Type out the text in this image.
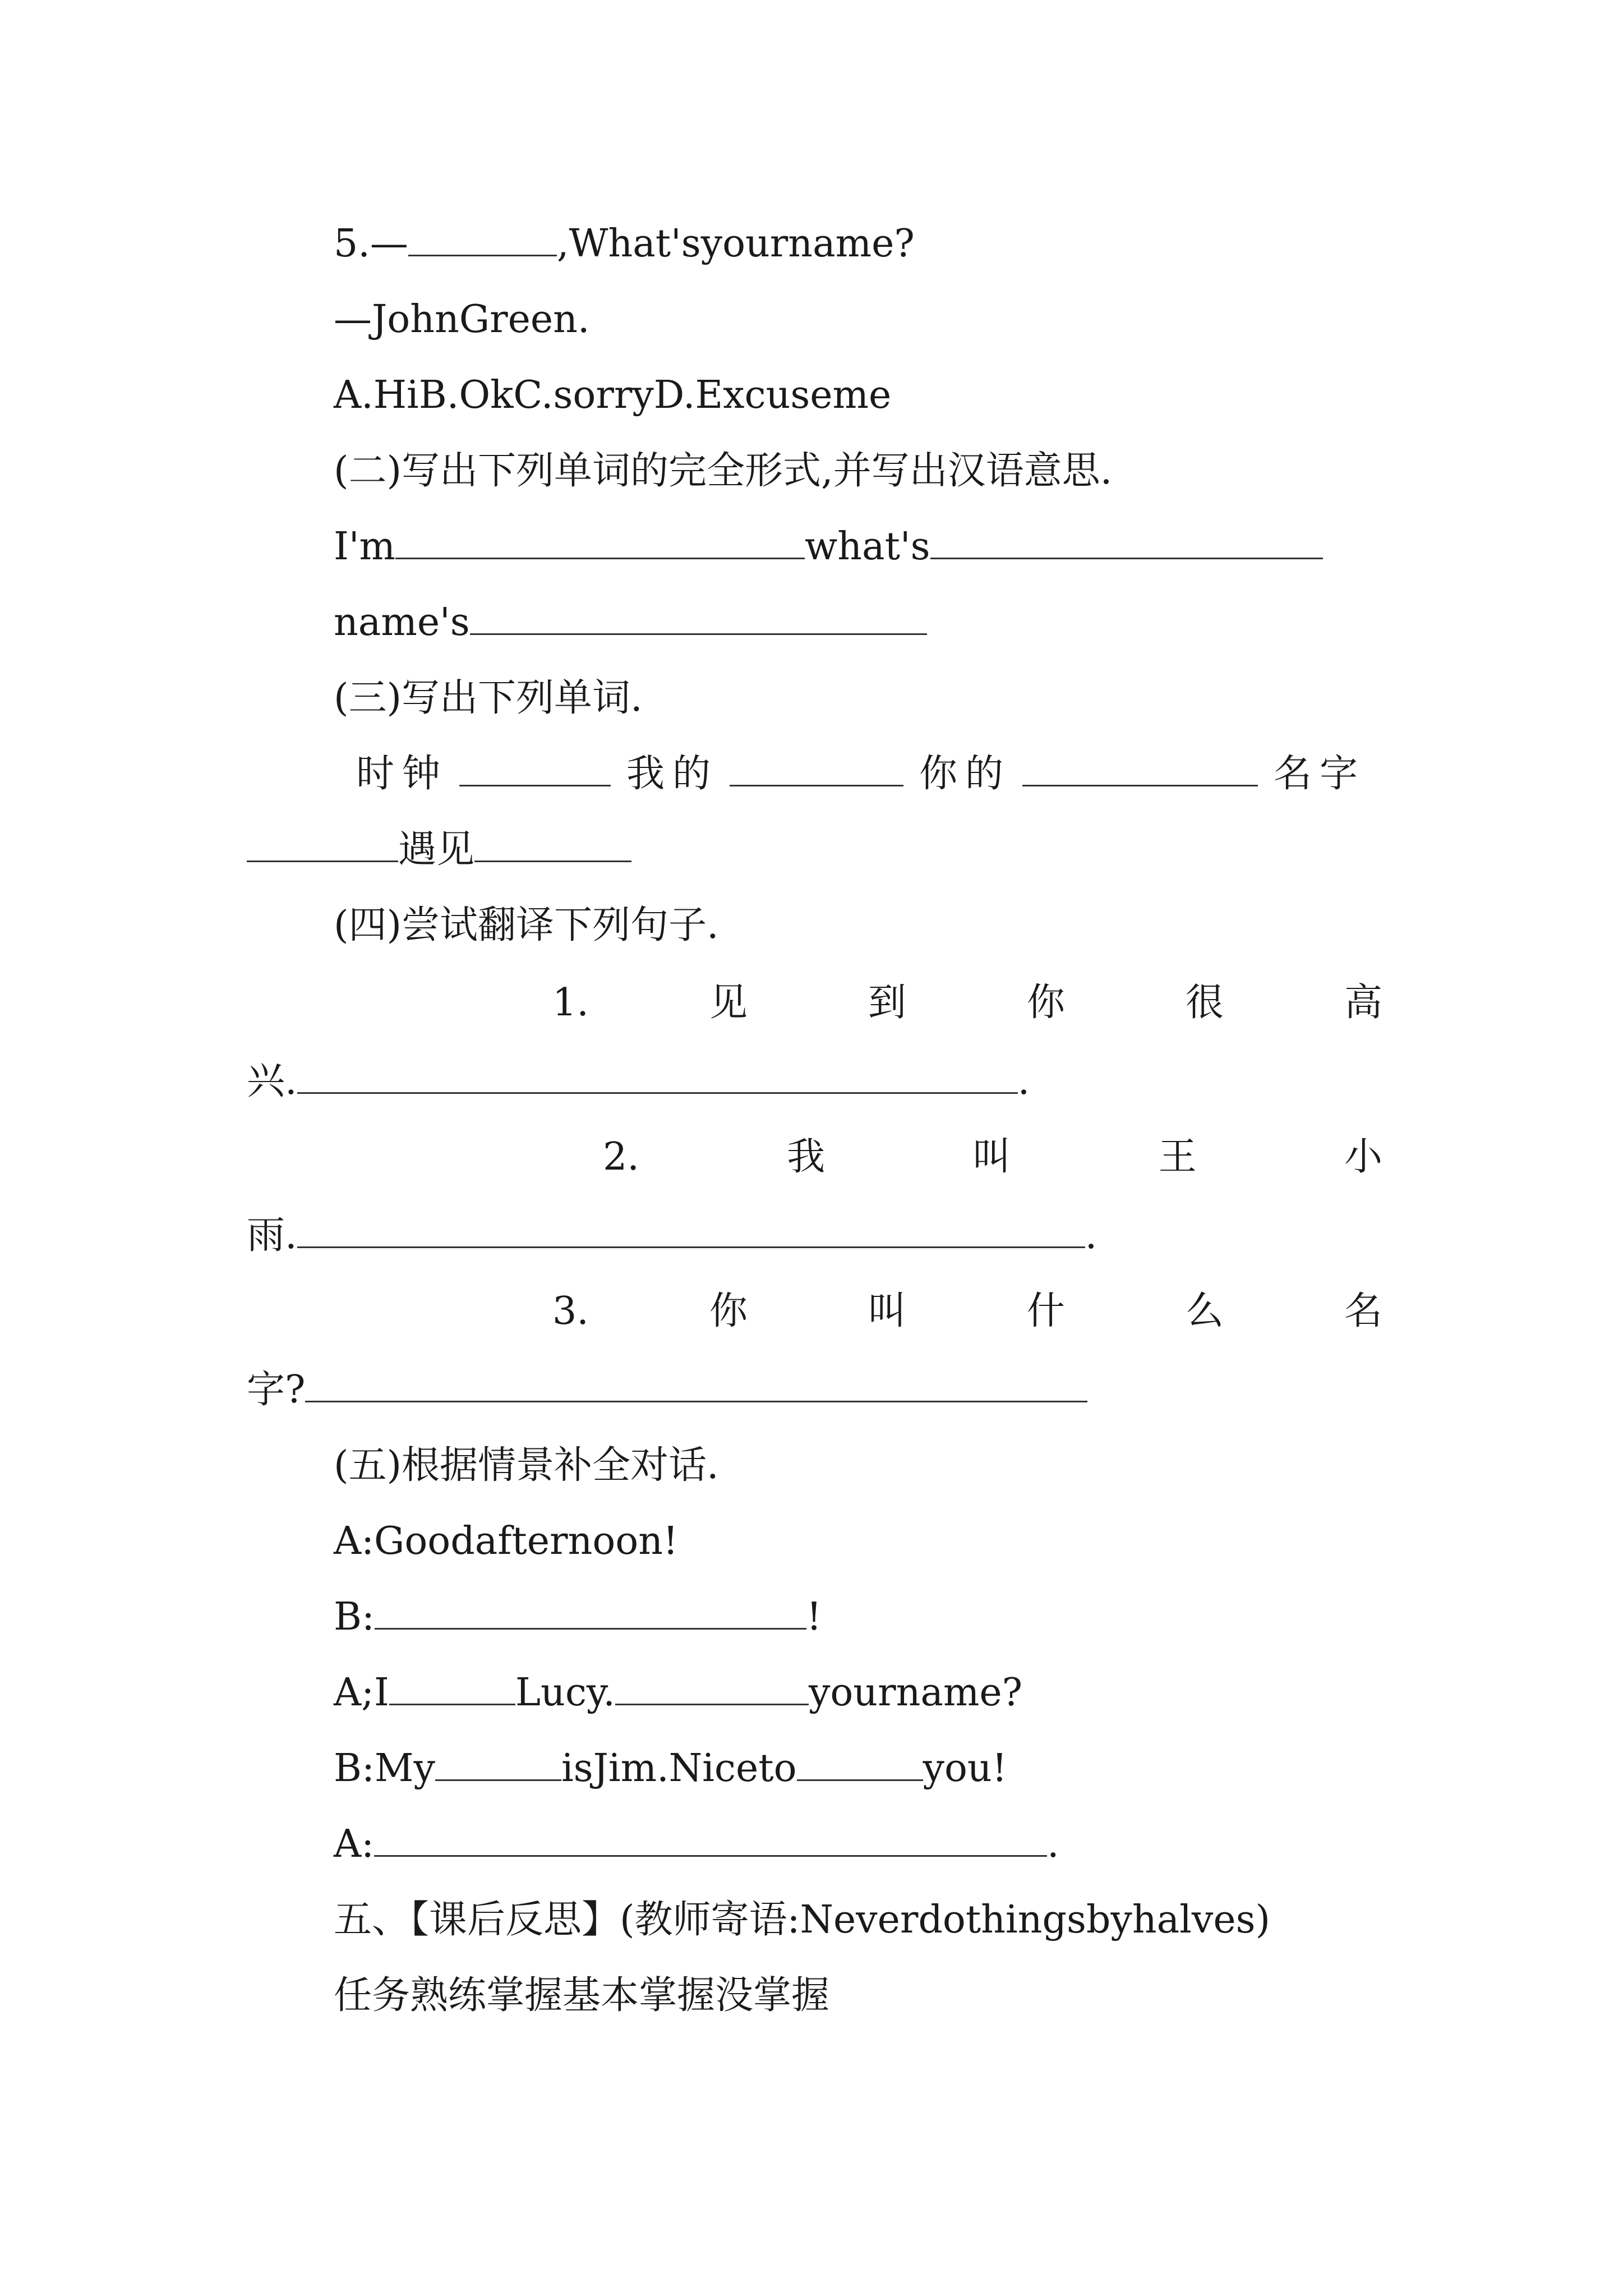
5.—	,What'syourname?
—JohnGreen.
A.HiB.OkC.sorryD.Excuseme
(二)写出下列单词的完全形式,并写出汉语意思.
I'm	what's
name's
(三)写出下列单词.
时钟	我的	你的	名字
遇见
(四)尝试翻译下列句子.
1.	见	到	你	很	高
兴.	.
2.	我	叫	王	小
雨.	.
3.	你	叫	什	么	名
字?
(五)根据情景补全对话.
A:Goodafternoon!
B:	!
A;I	Lucy.	yourname?
B:My	isJim.Niceto	you!
A:	.
五、【课后反思】(教师寄语:Neverdothingsbyhalves)
任务熟练掌握基本掌握没掌握
